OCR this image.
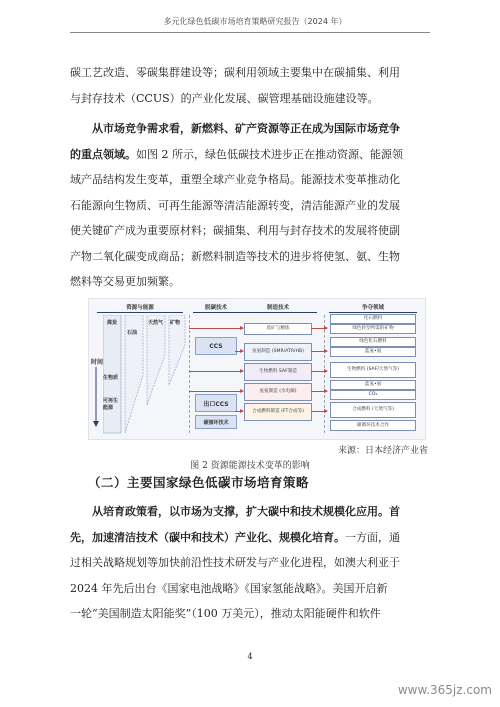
多元化绿色低碳市场培育策略研究报告（2024 年）
碳工艺改造、零碳集群建设等；碳利用领域主要集中在碳捕集、利用
与封存技术（CCUS）的产业化发展、碳管理基础设施建设等。
从市场竞争需求看，新燃料、矿产资源等正在成为国际市场竞争
的重点领域。如图 2 所示，绿色低碳技术进步正在推动资源、能源领
域产品结构发生变革，重塑全球产业竞争格局。能源技术变革推动化
石能源向生物质、可再生能源等清洁能源转变，清洁能源产业的发展
使关键矿产成为重要原材料；碳捕集、利用与封存技术的发展将使副
产物二氧化碳变成商品；新燃料制造等技术的进步将使氢、氨、生物
燃料等交易更加频繁。
资源与能源	脱碳技术	制造技术	争夺领域
煤炭
石油
天然气 矿物
时间
生物质
可再生能源
CCS
出口CCS
碳循环技术
选矿与精炼
氢氨制造 (SMR/ATR/HB)
生物燃料 SAF制造
氢氨制造 (水电解)
合成燃料制造 (FT合成等)
化石燃料
绿色转型所需的矿物
绿色化石燃料
蓝氢•氨
生物燃料 (SAF/天然气等)
蓝氢•氨
CO₂
合成燃料 (天然气等)
碳循环技术合作
来源：日本经济产业省
图 2 资源能源技术变革的影响
（二）主要国家绿色低碳市场培育策略
从培育政策看，以市场为支撑，扩大碳中和技术规模化应用。首
先，加速清洁技术（碳中和技术）产业化、规模化培育。一方面，通
过相关战略规划等加快前沿性技术研发与产业化进程，如澳大利亚于
2024 年先后出台《国家电池战略》《国家氢能战略》。美国开启新
一轮“美国制造太阳能奖”（100 万美元），推动太阳能硬件和软件
4
www.365jz.com
